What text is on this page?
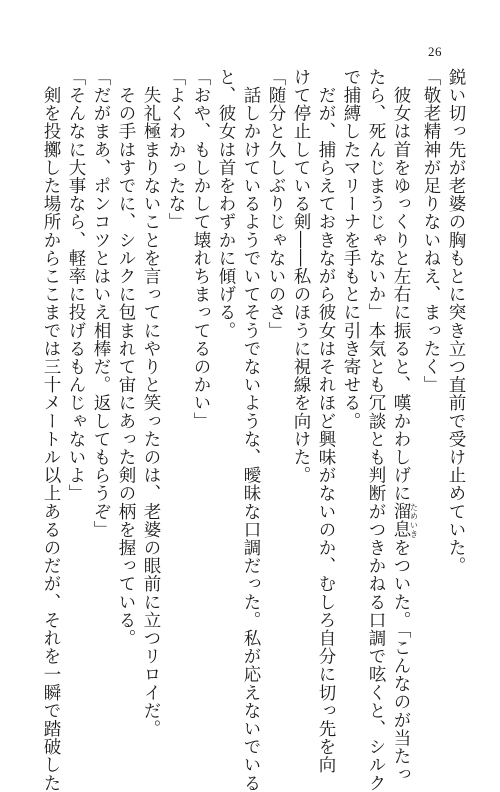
26
鋭い切っ先が老婆の胸もとに突き立つ直前で受け止めていた。
「敬老精神が足りないねえ、まったく」
　彼女は首をゆっくりと左右に振ると、嘆かわしげに溜息ためいきをついた。「こんなのが当たっ
たら、死んじまうじゃないか」本気とも冗談とも判断がつきかねる口調で呟くと、シルク
で捕縛したマリーナを手もとに引き寄せる。
　だが、捕らえておきながら彼女はそれほど興味がないのか、むしろ自分に切っ先を向
けて停止している剣――私のほうに視線を向けた。
「随分と久しぶりじゃないのさ」
　話しかけているようでいてそうでないような、曖昧な口調だった。私が応えないでいる
と、彼女は首をわずかに傾げる。
「おや、もしかして壊れちまってるのかい」
「よくわかったな」
　失礼極まりないことを言ってにやりと笑ったのは、老婆の眼前に立つリロイだ。
　その手はすでに、シルクに包まれて宙にあった剣の柄を握っている。
「だがまあ、ポンコツとはいえ相棒だ。返してもらうぞ」
「そんなに大事なら、軽率に投げるもんじゃないよ」
　剣を投擲した場所からここまでは三十メートル以上あるのだが、それを一瞬で踏破した
